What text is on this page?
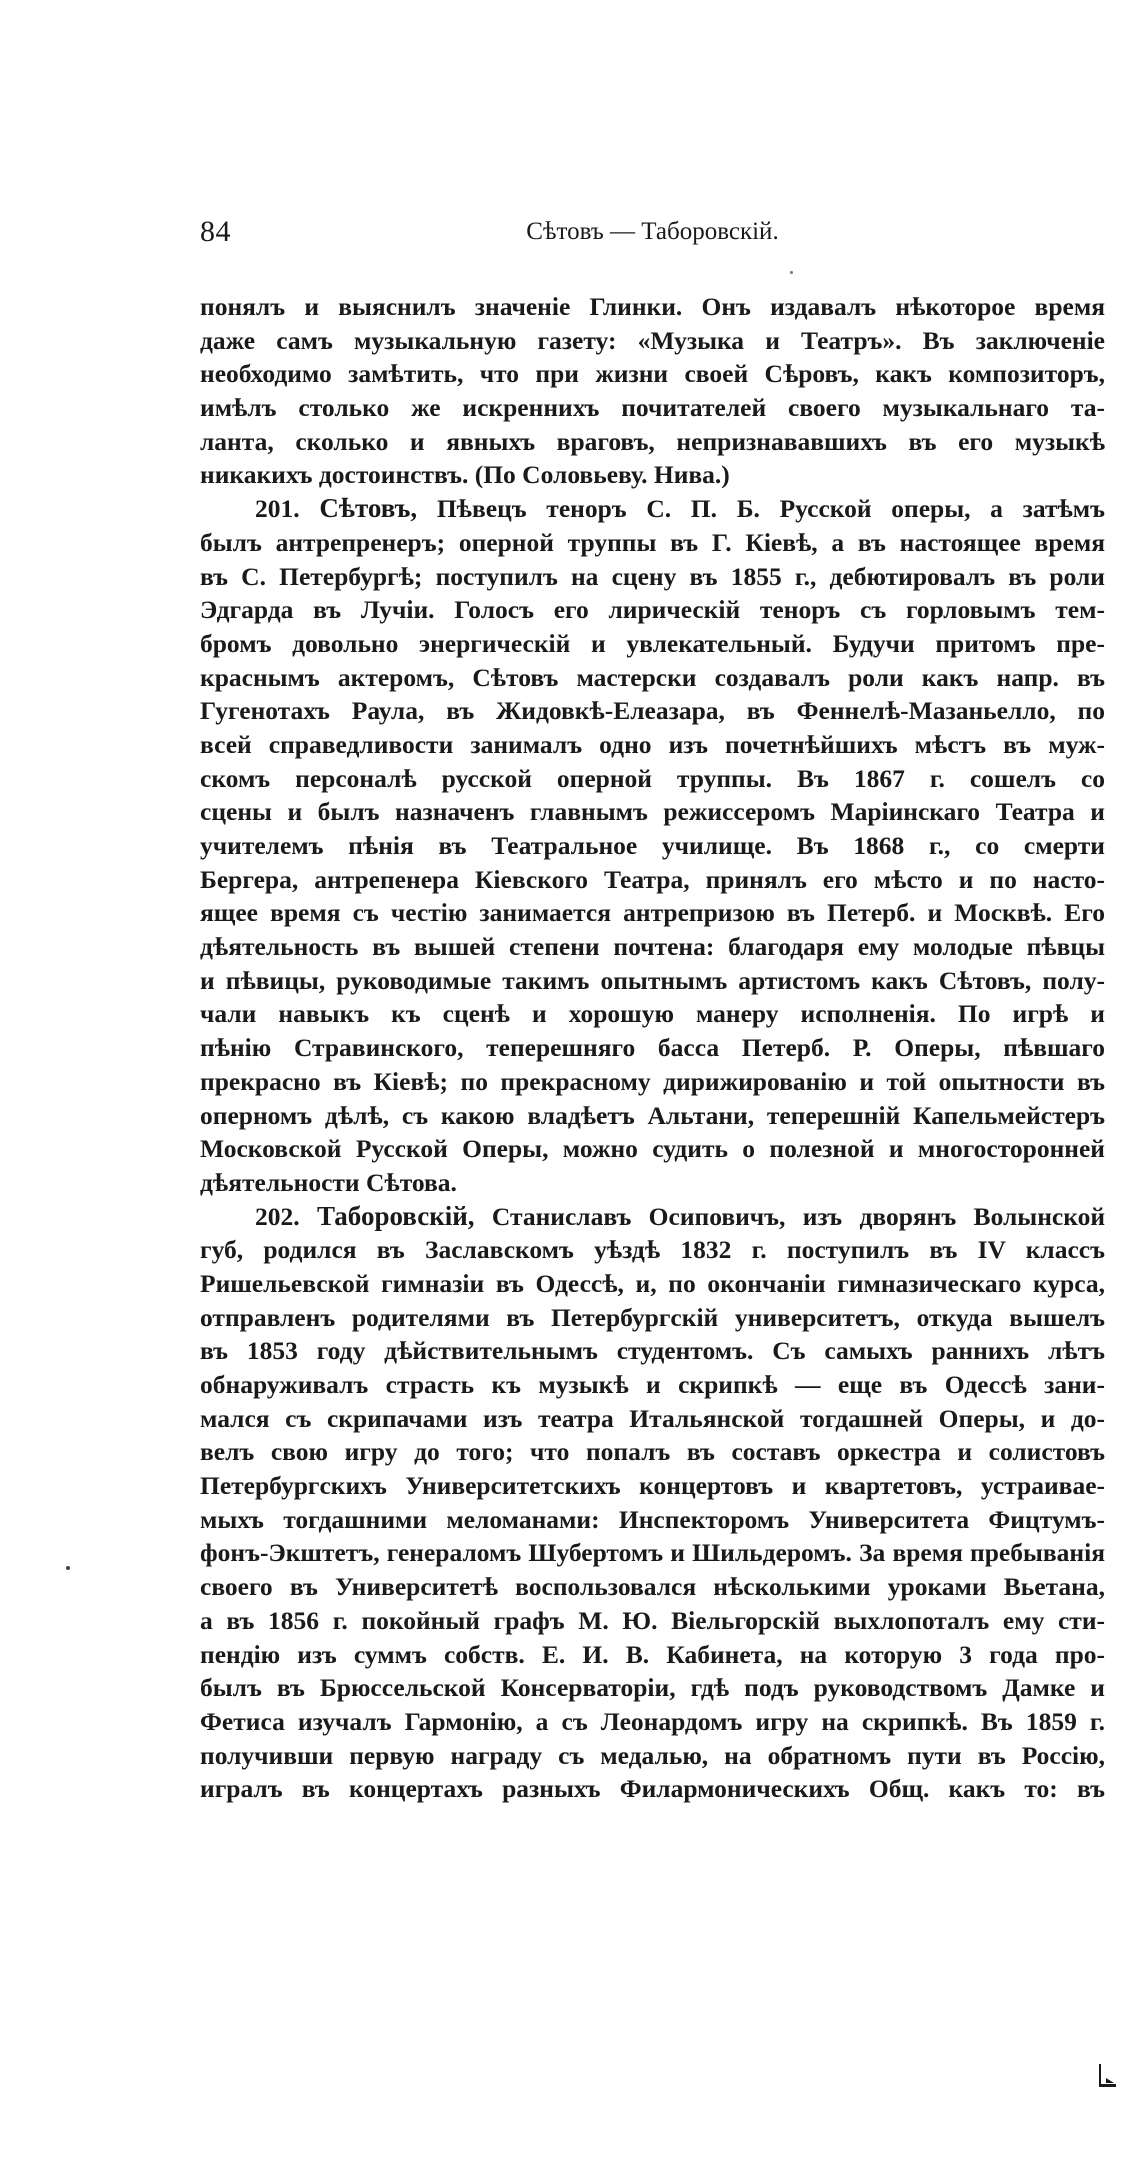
84	Сѣтовъ — Таборовскій.
понялъ и выяснилъ значеніе Глинки. Онъ издавалъ нѣкоторое время
даже самъ музыкальную газету: «Музыка и Театръ». Въ заключеніе
необходимо замѣтить, что при жизни своей Сѣровъ, какъ композиторъ,
имѣлъ столько же искреннихъ почитателей своего музыкальнаго та-
ланта, сколько и явныхъ враговъ, непризнававшихъ въ его музыкѣ
никакихъ достоинствъ. (По Соловьеву. Нива.)
201. Сѣтовъ, Пѣвецъ теноръ С. П. Б. Русской оперы, а затѣмъ
былъ антрепренеръ; оперной труппы въ Г. Кіевѣ, а въ настоящее время
въ С. Петербургѣ; поступилъ на сцену въ 1855 г., дебютировалъ въ роли
Эдгарда въ Лучіи. Голосъ его лирическій теноръ съ горловымъ тем-
бромъ довольно энергическій и увлекательный. Будучи притомъ пре-
краснымъ актеромъ, Сѣтовъ мастерски создавалъ роли какъ напр. въ
Гугенотахъ Раула, въ Жидовкѣ-Елеазара, въ Феннелѣ-Мазаньелло, по
всей справедливости занималъ одно изъ почетнѣйшихъ мѣстъ въ муж-
скомъ персоналѣ русской оперной труппы. Въ 1867 г. сошелъ со
сцены и былъ назначенъ главнымъ режиссеромъ Маріинскаго Театра и
учителемъ пѣнія въ Театральное училище. Въ 1868 г., со смерти
Бергера, антрепенера Кіевского Театра, принялъ его мѣсто и по насто-
ящее время съ честію занимается антрепризою въ Петерб. и Москвѣ. Его
дѣятельность въ вышей степени почтена: благодаря ему молодые пѣвцы
и пѣвицы, руководимые такимъ опытнымъ артистомъ какъ Сѣтовъ, полу-
чали навыкъ къ сценѣ и хорошую манеру исполненія. По игрѣ и
пѣнію Стравинского, теперешняго басса Петерб. Р. Оперы, пѣвшаго
прекрасно въ Кіевѣ; по прекрасному дирижированію и той опытности въ
оперномъ дѣлѣ, съ какою владѣетъ Альтани, теперешній Капельмейстеръ
Московской Русской Оперы, можно судить о полезной и многосторонней
дѣятельности Сѣтова.
202. Таборовскій, Станиславъ Осиповичъ, изъ дворянъ Волынской
губ, родился въ Заславскомъ уѣздѣ 1832 г. поступилъ въ IV классъ
Ришельевской гимназіи въ Одессѣ, и, по окончаніи гимназическаго курса,
отправленъ родителями въ Петербургскій университетъ, откуда вышелъ
въ 1853 году дѣйствительнымъ студентомъ. Съ самыхъ раннихъ лѣтъ
обнаруживалъ страсть къ музыкѣ и скрипкѣ — еще въ Одессѣ зани-
мался съ скрипачами изъ театра Итальянской тогдашней Оперы, и до-
велъ свою игру до того; что попалъ въ составъ оркестра и солистовъ
Петербургскихъ Университетскихъ концертовъ и квартетовъ, устраивае-
мыхъ тогдашними меломанами: Инспекторомъ Университета Фицтумъ-
фонъ-Экштетъ, генераломъ Шубертомъ и Шильдеромъ. За время пребыванія
своего въ Университетѣ воспользовался нѣсколькими уроками Вьетана,
а въ 1856 г. покойный графъ М. Ю. Віельгорскій выхлопоталъ ему сти-
пендію изъ суммъ собств. Е. И. В. Кабинета, на которую 3 года про-
былъ въ Брюссельской Консерваторіи, гдѣ подъ руководствомъ Дамке и
Фетиса изучалъ Гармонію, а съ Леонардомъ игру на скрипкѣ. Въ 1859 г.
получивши первую награду съ медалью, на обратномъ пути въ Россію,
игралъ въ концертахъ разныхъ Филармоническихъ Общ. какъ то: въ
